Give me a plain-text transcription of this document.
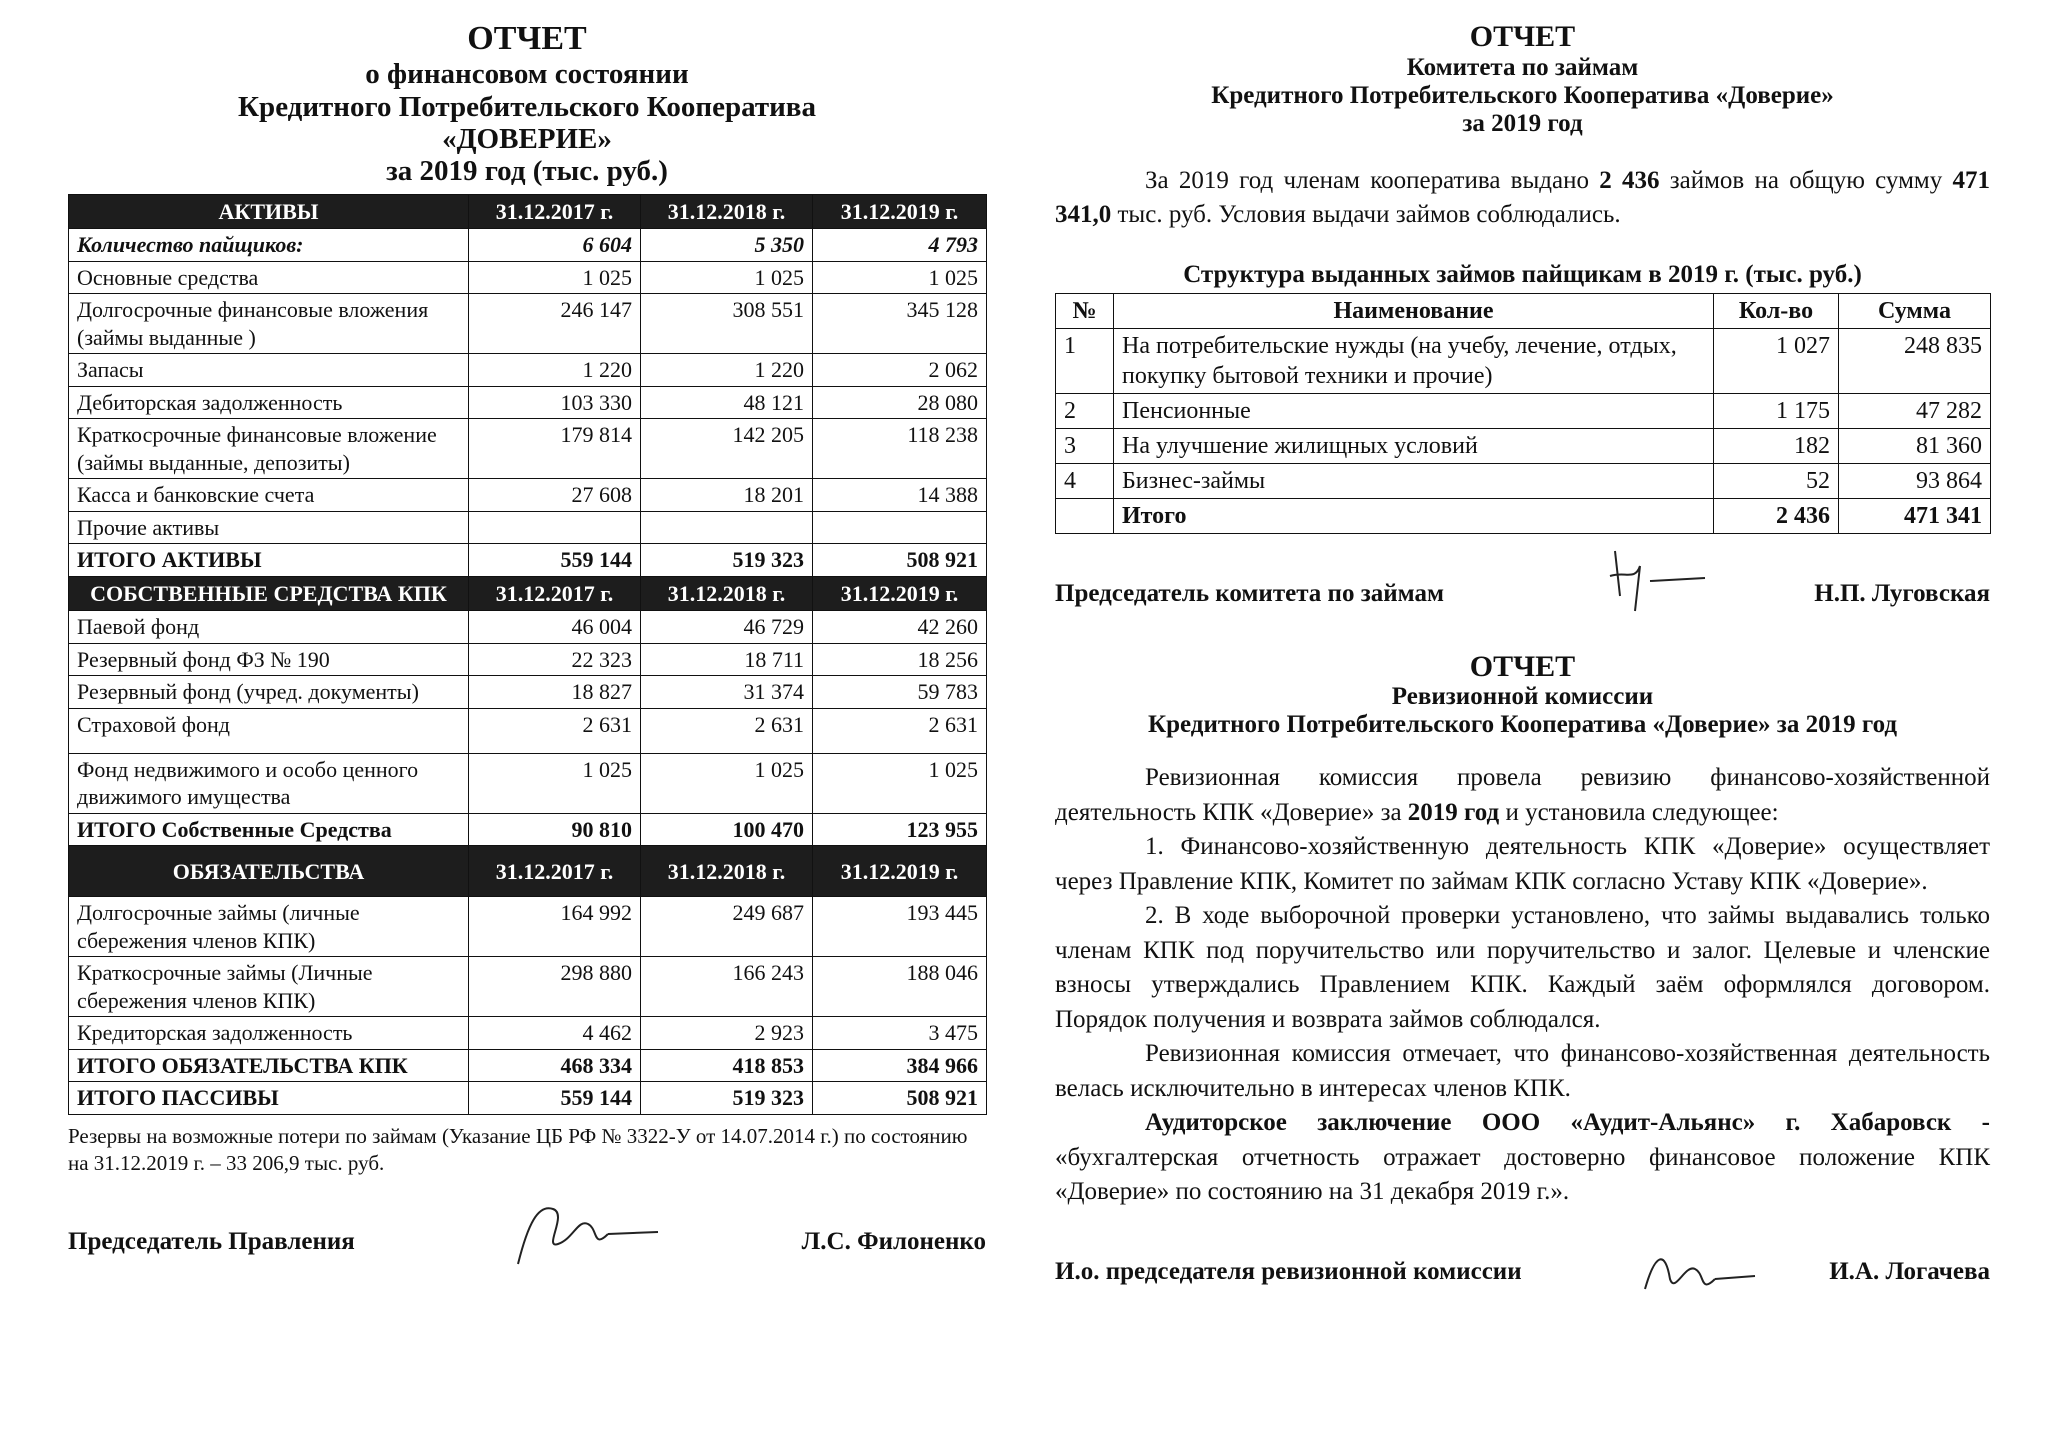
ОТЧЕТ
о финансовом состоянии
Кредитного Потребительского Кооператива
«ДОВЕРИЕ»
за 2019 год (тыс. руб.)
АКТИВЫ	31.12.2017 г.	31.12.2018 г.	31.12.2019 г.
Количество пайщиков:	6 604	5 350	4 793
Основные средства	1 025	1 025	1 025
Долгосрочные финансовые вложения (займы выданные )	246 147	308 551	345 128
Запасы	1 220	1 220	2 062
Дебиторская задолженность	103 330	48 121	28 080
Краткосрочные финансовые вложение (займы выданные, депозиты)	179 814	142 205	118 238
Касса и банковские счета	27 608	18 201	14 388
Прочие активы			
ИТОГО АКТИВЫ	559 144	519 323	508 921
СОБСТВЕННЫЕ СРЕДСТВА КПК	31.12.2017 г.	31.12.2018 г.	31.12.2019 г.
Паевой фонд	46 004	46 729	42 260
Резервный фонд ФЗ № 190	22 323	18 711	18 256
Резервный фонд (учред. документы)	18 827	31 374	59 783
Страховой фонд	2 631	2 631	2 631
Фонд недвижимого и особо ценного движимого имущества	1 025	1 025	1 025
ИТОГО Собственные Средства	90 810	100 470	123 955
ОБЯЗАТЕЛЬСТВА	31.12.2017 г.	31.12.2018 г.	31.12.2019 г.
Долгосрочные займы (личные сбережения членов КПК)	164 992	249 687	193 445
Краткосрочные займы (Личные сбережения членов КПК)	298 880	166 243	188 046
Кредиторская задолженность	4 462	2 923	3 475
ИТОГО ОБЯЗАТЕЛЬСТВА КПК	468 334	418 853	384 966
ИТОГО ПАССИВЫ	559 144	519 323	508 921
Резервы на возможные потери по займам (Указание ЦБ РФ № 3322-У от 14.07.2014 г.) по состоянию на 31.12.2019 г. – 33 206,9 тыс. руб.
Председатель Правления	Л.С. Филоненко
ОТЧЕТ
Комитета по займам
Кредитного Потребительского Кооператива «Доверие»
за 2019 год

За 2019 год членам кооператива выдано 2 436 займов на общую сумму 471 341,0 тыс. руб. Условия выдачи займов соблюдались.

Структура выданных займов пайщикам в 2019 г. (тыс. руб.)
№	Наименование	Кол-во	Сумма
1	На потребительские нужды (на учебу, лечение, отдых, покупку бытовой техники и прочие)	1 027	248 835
2	Пенсионные	1 175	47 282
3	На улучшение жилищных условий	182	81 360
4	Бизнес-займы	52	93 864
	Итого	2 436	471 341
Председатель комитета по займам	Н.П. Луговская
ОТЧЕТ
Ревизионной комиссии
Кредитного Потребительского Кооператива «Доверие» за 2019 год

Ревизионная комиссия провела ревизию финансово-хозяйственной деятельность КПК «Доверие» за 2019 год и установила следующее:

1. Финансово-хозяйственную деятельность КПК «Доверие» осуществляет через Правление КПК, Комитет по займам КПК согласно Уставу КПК «Доверие».

2. В ходе выборочной проверки установлено, что займы выдавались только членам КПК под поручительство или поручительство и залог. Целевые и членские взносы утверждались Правлением КПК. Каждый заём оформлялся договором. Порядок получения и возврата займов соблюдался.

Ревизионная комиссия отмечает, что финансово-хозяйственная деятельность велась исключительно в интересах членов КПК.

Аудиторское заключение ООО «Аудит-Альянс» г. Хабаровск - «бухгалтерская отчетность отражает достоверно финансовое положение КПК «Доверие» по состоянию на 31 декабря 2019 г.».

И.о. председателя ревизионной комиссии	И.А. Логачева
